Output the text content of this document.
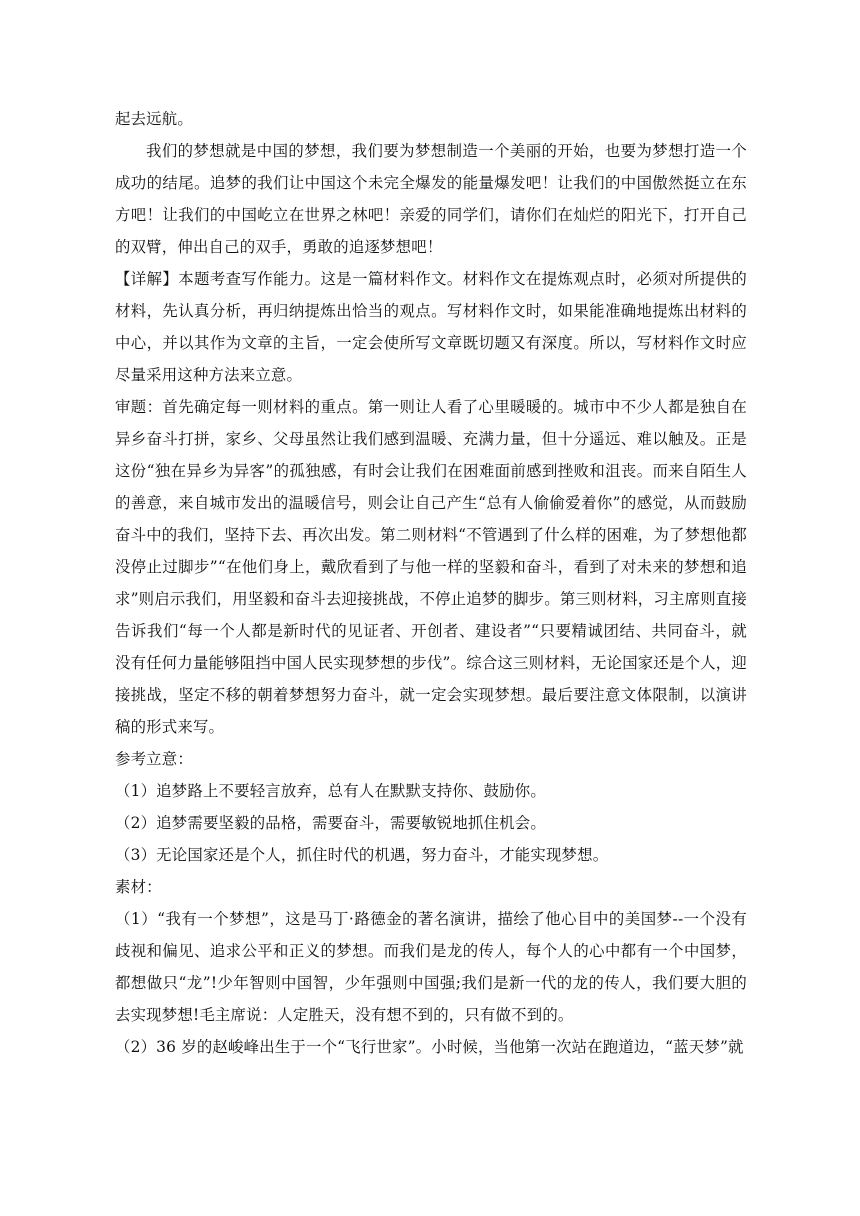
起去远航。

我们的梦想就是中国的梦想，我们要为梦想制造一个美丽的开始，也要为梦想打造一个成功的结尾。追梦的我们让中国这个未完全爆发的能量爆发吧！让我们的中国傲然挺立在东方吧！让我们的中国屹立在世界之林吧！亲爱的同学们，请你们在灿烂的阳光下，打开自己的双臂，伸出自己的双手，勇敢的追逐梦想吧！

【详解】本题考查写作能力。这是一篇材料作文。材料作文在提炼观点时，必须对所提供的材料，先认真分析，再归纳提炼出恰当的观点。写材料作文时，如果能准确地提炼出材料的中心，并以其作为文章的主旨，一定会使所写文章既切题又有深度。所以，写材料作文时应尽量采用这种方法来立意。

审题：首先确定每一则材料的重点。第一则让人看了心里暖暖的。城市中不少人都是独自在异乡奋斗打拼，家乡、父母虽然让我们感到温暖、充满力量，但十分遥远、难以触及。正是这份“独在异乡为异客”的孤独感，有时会让我们在困难面前感到挫败和沮丧。而来自陌生人的善意，来自城市发出的温暖信号，则会让自己产生“总有人偷偷爱着你”的感觉，从而鼓励奋斗中的我们，坚持下去、再次出发。第二则材料“不管遇到了什么样的困难，为了梦想他都没停止过脚步”“在他们身上，戴欣看到了与他一样的坚毅和奋斗，看到了对未来的梦想和追求”则启示我们，用坚毅和奋斗去迎接挑战，不停止追梦的脚步。第三则材料，习主席则直接告诉我们“每一个人都是新时代的见证者、开创者、建设者”“只要精诚团结、共同奋斗，就没有任何力量能够阻挡中国人民实现梦想的步伐”。综合这三则材料，无论国家还是个人，迎接挑战，坚定不移的朝着梦想努力奋斗，就一定会实现梦想。最后要注意文体限制，以演讲稿的形式来写。

参考立意：

（1）追梦路上不要轻言放弃，总有人在默默支持你、鼓励你。

（2）追梦需要坚毅的品格，需要奋斗，需要敏锐地抓住机会。

（3）无论国家还是个人，抓住时代的机遇，努力奋斗，才能实现梦想。

素材：

（1）“我有一个梦想”，这是马丁·路德金的著名演讲，描绘了他心目中的美国梦--一个没有歧视和偏见、追求公平和正义的梦想。而我们是龙的传人，每个人的心中都有一个中国梦，都想做只“龙”!少年智则中国智，少年强则中国强;我们是新一代的龙的传人，我们要大胆的去实现梦想!毛主席说：人定胜天，没有想不到的，只有做不到的。

（2）36 岁的赵峻峰出生于一个“飞行世家”。小时候，当他第一次站在跑道边，“蓝天梦”就
